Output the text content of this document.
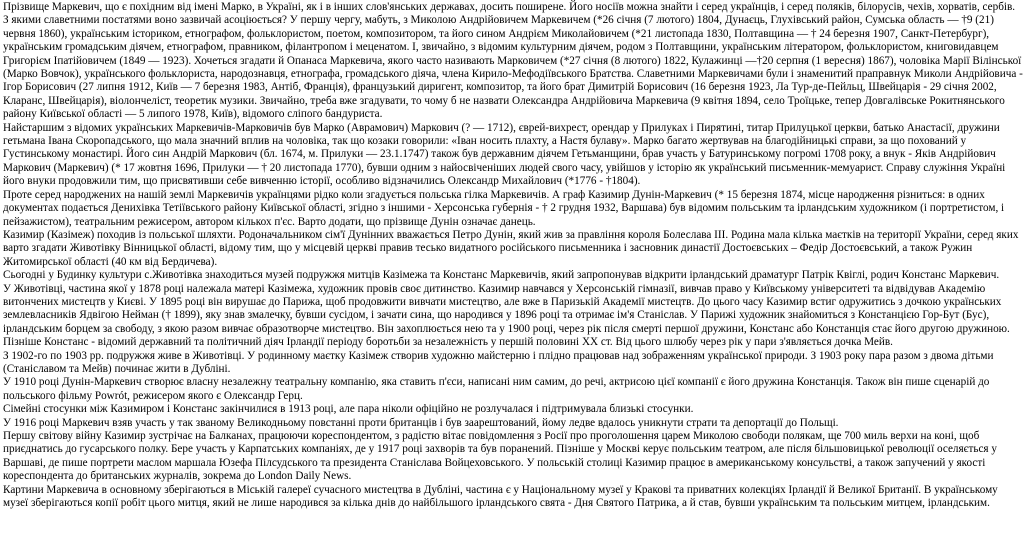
Прізвище Маркевич, що є похідним від імені Марко, в Україні, як і в інших слов'янських державах, досить поширене. Його носіїв можна знайти і серед українців, і серед поляків, білорусів, чехів, хорватів, сербів. З якими славетними постатями воно зазвичай асоціюється? У першу чергу, мабуть, з Миколою Андрійовичем Маркевичем (*26 січня (7 лютого) 1804, Дунаєць, Глухівський район, Сумська область — †9 (21) червня 1860), українським істориком, етнографом, фольклористом, поетом, композитором, та його сином Андрієм Миколайовичем (*21 листопада 1830, Полтавщина — † 24 березня 1907, Санкт-Петербург), українським громадським діячем, етнографом, правником, філантропом і меценатом. І, звичайно, з відомим культурним діячем, родом з Полтавщини, українським літератором, фольклористом, книговидавцем Григорієм Іпатійовичем (1849 — 1923). Хочеться згадати й Опанаса Маркевича, якого часто називають Марковичем (*27 січня (8 лютого) 1822, Кулажинці —†20 серпня (1 вересня) 1867), чоловіка Марії Вілінської (Марко Вовчок), українського фольклориста, народознавця, етнографа, громадського діяча, члена Кирило-Мефодіївського Братства. Славетними Маркевичами були і знаменитий праправнук Миколи Андрійовича - Ігор Борисович (27 липня 1912, Київ — 7 березня 1983, Антіб, Франція), французький диригент, композитор, та його брат Димитрій Борисович (16 березня 1923, Ла Тур-де-Пейльц, Швейцарія - 29 січня 2002, Кларанс, Швейцарія), віолончеліст, теоретик музики. Звичайно, треба вже згадувати, то чому б не назвати Олександра Андрійовича Маркевича (9 квітня 1894, село Троїцьке, тепер Довгалівське Рокитнянського району Київської області — 5 липого 1978, Київ), відомого сліпого бандуриста.

Найстаршим з відомих українських Маркевичів-Марковичів був Марко (Аврамович) Маркович (? — 1712), єврей-вихрест, орендар у Прилуках і Пирятині, титар Прилуцької церкви, батько Анастасії, дружини гетьмана Івана Скоропадського, що мала значний вплив на чоловіка, так що козаки говорили: «Іван носить плахту, а Настя булаву». Марко багато жертвував на благодійницькі справи, за що похований у Густинському монастирі. Його син Андрій Маркович (бл. 1674, м. Прилуки — 23.1.1747) також був державним діячем Гетьманщини, брав участь у Батуринському погромі 1708 року, а внук - Яків Андрійович Маркович (Маркевич) (* 17 жовтня 1696, Прилуки — † 20 листопада 1770), бувши одним з найосвіченіших людей свого часу, увійшов у історію як український письменник-мемуарист. Справу служіння Україні його внуки продовжили тим, що присвятивши себе вивченню історії, особливо відзначились Олександр Михайлович (*1776 - †1804).

Проте серед народжених на нашій землі Маркевичів українцями рідко коли згадується польська гілка Маркевичів. А граф Казимир Дунін-Маркевич (* 15 березня 1874, місце народження різниться: в одних документах подається Денихівка Тетіївського району Київської області, згідно з іншими - Херсонська губернія - † 2 грудня 1932, Варшава) був відомим польським та ірландським художником (і портретистом, і пейзажистом), театральним режисером, автором кількох п'єс. Варто додати, що прізвище Дунін означає данець.

Казимир (Казімеж) походив із польської шляхти. Родоначальником сім'ї Дунінних вважається Петро Дунін, який жив за правління короля Болеслава ІІІ. Родина мала кілька маєтків на території України, серед яких варто згадати Животівку Вінницької області, відому тим, що у місцевій церкві правив тесько видатного російського письменника і засновник династії Достоєвських – Федір Достоєвський, а також Ружин Житомирської області (40 км від Бердичева).

Сьогодні у Будинку культури с.Животівка знаходиться музей подружжя митців Казімежа та Констанс Маркевичів, який запропонував відкрити ірландський драматург Патрік Квіглі, родич Констанс Маркевич.

У Животівці, частина якої у 1878 році належала матері Казімежа, художник провів своє дитинство. Казимир навчався у Херсонській гімназії, вивчав право у Київському університеті та відвідував Академію витончених мистецтв у Києві. У 1895 році він вирушає до Парижа, щоб продовжити вивчати мистецтво, але вже в Паризькій Академії мистецтв. До цього часу Казимир встиг одружитись з дочкою українських землевласників Ядвігою Нейман († 1899), яку знав змалечку, бувши сусідом, і зачати сина, що народився у 1896 році та отримає ім'я Станіслав. У Парижі художник знайомиться з Констанцією Гор-Бут (Бус), ірландським борцем за свободу, з якою разом вивчає образотворче мистецтво. Він захоплюється нею та у 1900 році, через рік після смерті першої дружини, Констанс або Констанція стає його другою дружиною. Пізніше Констанс - відомий державний та політичний діяч Ірландії періоду боротьби за незалежність у першій половині ХХ ст. Від цього шлюбу через рік у пари з'являється дочка Мейв.

З 1902-го по 1903 рр. подружжя живе в Животівці. У родинному маєтку Казімеж створив художню майстерню і плідно працював над зображенням української природи. З 1903 року пара разом з двома дітьми (Станіславом та Мейв) починає жити в Дубліні.

У 1910 році Дунін-Маркевич створює власну незалежну театральну компанію, яка ставить п'єси, написані ним самим, до речі, актрисою цієї компанії є його дружина Констанція. Також він пише сценарій до польського фільму Powrót, режисером якого є Олександр Герц.

Сімейні стосунки між Казимиром і Констанс закінчилися в 1913 році, але пара ніколи офіційно не розлучалася і підтримувала близькі стосунки.

У 1916 році Маркевич взяв участь у так званому Великодньому повстанні проти британців і був заарештований, йому ледве вдалось уникнути страти та депортації до Польщі.

Першу світову війну Казимир зустрічає на Балканах, працюючи кореспондентом, з радістю вітає повідомлення з Росії про проголошення царем Миколою свободи полякам, ще 700 миль верхи на коні, щоб приєднатись до гусарського полку. Бере участь у Карпатських компаніях, де у 1917 році захворів та був поранений. Пізніше у Москві керує польським театром, але після більшовицької революції оселяється у Варшаві, де пише портрети маслом маршала Юзефа Пілсудського та президента Станіслава Войцеховського. У польській столиці Казимир працює в американському консульстві, а також запучений у якості кореспондента до британських журналів, зокрема до London Daily News.

Картини Маркевича в основному зберігаються в Міській галереї сучасного мистецтва в Дубліні, частина є у Національному музеї у Кракові та приватних колекціях Ірландії й Великої Британії. В українському музеї зберігаються копії робіт цього митця, який не лише народився за кілька днів до найбільшого ірландського свята - Дня Святого Патрика, а й став, бувши українським та польським митцем, ірландським.
